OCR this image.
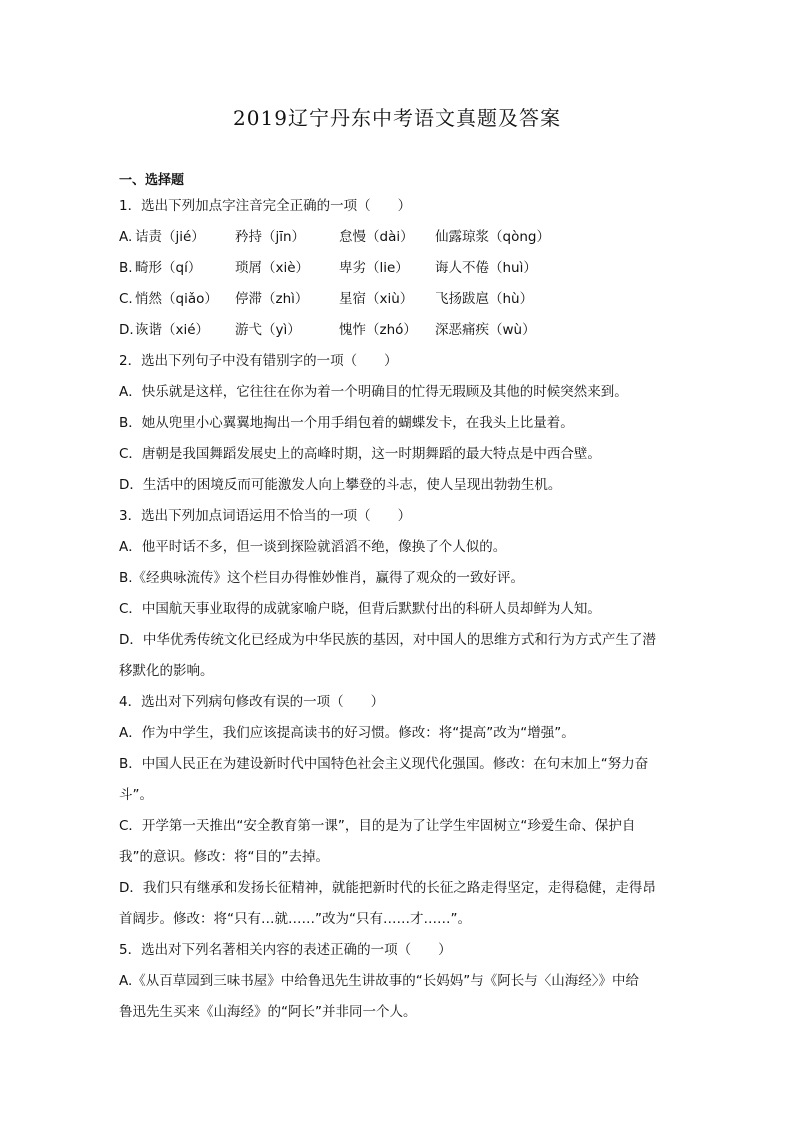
2019辽宁丹东中考语文真题及答案
一、选择题
1．选出下列加点字注音完全正确的一项（　　）
A. 诘责（jié）	矜持（jīn）	怠慢（dài）	仙露琼浆（qòng）
B. 畸形（qí）	琐屑（xiè）	卑劣（lie）	诲人不倦（huì）
C. 悄然（qiǎo）	停滞（zhì）	星宿（xiù）	飞扬跋扈（hù）
D. 诙谐（xié）	游弋（yì）	愧怍（zhó）	深恶痛疾（wù）
2．选出下列句子中没有错别字的一项（　　）
A．快乐就是这样，它往往在你为着一个明确目的忙得无瑕顾及其他的时候突然来到。
B．她从兜里小心翼翼地掏出一个用手绢包着的蝴蝶发卡，在我头上比量着。
C．唐朝是我国舞蹈发展史上的高峰时期，这一时期舞蹈的最大特点是中西合壁。
D．生活中的困境反而可能激发人向上攀登的斗志，使人呈现出勃勃生机。
3．选出下列加点词语运用不恰当的一项（　　）
A．他平时话不多，但一谈到探险就滔滔不绝，像换了个人似的。
B.《经典咏流传》这个栏目办得惟妙惟肖，赢得了观众的一致好评。
C．中国航天事业取得的成就家喻户晓，但背后默默付出的科研人员却鲜为人知。
D．中华优秀传统文化已经成为中华民族的基因，对中国人的思维方式和行为方式产生了潜
移默化的影响。
4．选出对下列病句修改有误的一项（　　）
A．作为中学生，我们应该提高读书的好习惯。修改：将“提高”改为“增强”。
B．中国人民正在为建设新时代中国特色社会主义现代化强国。修改：在句末加上“努力奋
斗”。
C．开学第一天推出“安全教育第一课”，目的是为了让学生牢固树立“珍爱生命、保护自
我”的意识。修改：将“目的”去掉。
D．我们只有继承和发扬长征精神，就能把新时代的长征之路走得坚定，走得稳健，走得昂
首阔步。修改：将“只有…就……”改为“只有……才……”。
5．选出对下列名著相关内容的表述正确的一项（　　）
A.《从百草园到三味书屋》中给鲁迅先生讲故事的“长妈妈”与《阿长与〈山海经〉》中给
鲁迅先生买来《山海经》的“阿长”并非同一个人。
